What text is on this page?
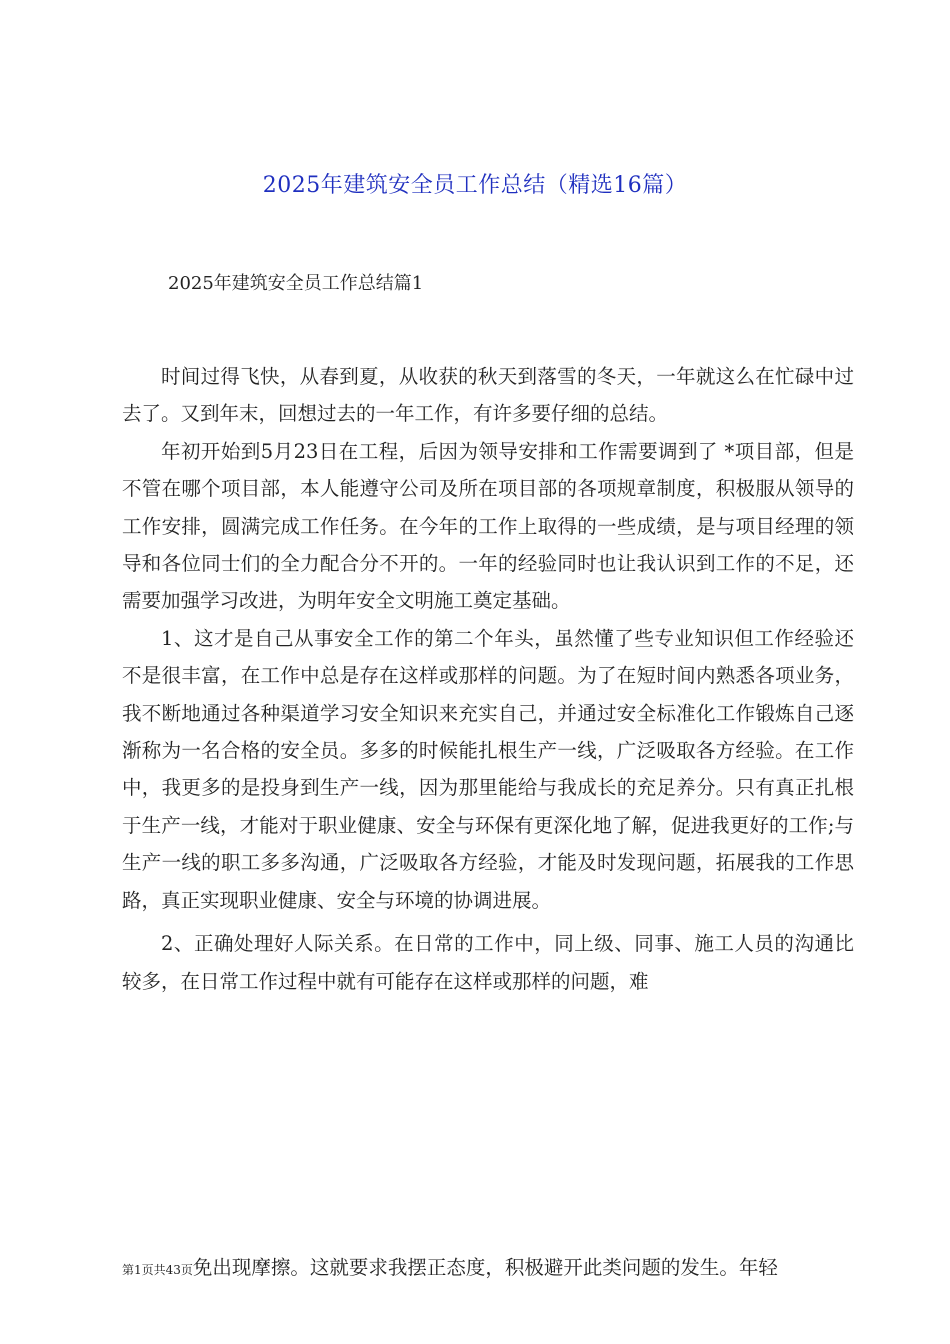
2025年建筑安全员工作总结（精选16篇）
2025年建筑安全员工作总结篇1

时间过得飞快，从春到夏，从收获的秋天到落雪的冬天，一年就这么在忙碌中过去了。又到年末，回想过去的一年工作，有许多要仔细的总结。

年初开始到5月23日在工程，后因为领导安排和工作需要调到了 *项目部，但是不管在哪个项目部，本人能遵守公司及所在项目部的各项规章制度，积极服从领导的工作安排，圆满完成工作任务。在今年的工作上取得的一些成绩，是与项目经理的领导和各位同士们的全力配合分不开的。一年的经验同时也让我认识到工作的不足，还需要加强学习改进，为明年安全文明施工奠定基础。

1、这才是自己从事安全工作的第二个年头，虽然懂了些专业知识但工作经验还不是很丰富，在工作中总是存在这样或那样的问题。为了在短时间内熟悉各项业务，我不断地通过各种渠道学习安全知识来充实自己，并通过安全标准化工作锻炼自己逐渐称为一名合格的安全员。多多的时候能扎根生产一线，广泛吸取各方经验。在工作中，我更多的是投身到生产一线，因为那里能给与我成长的充足养分。只有真正扎根于生产一线，才能对于职业健康、安全与环保有更深化地了解，促进我更好的工作;与生产一线的职工多多沟通，广泛吸取各方经验，才能及时发现问题，拓展我的工作思路，真正实现职业健康、安全与环境的协调进展。

2、正确处理好人际关系。在日常的工作中，同上级、同事、施工人员的沟通比较多，在日常工作过程中就有可能存在这样或那样的问题，难

第1页共43页免出现摩擦。这就要求我摆正态度，积极避开此类问题的发生。年轻
